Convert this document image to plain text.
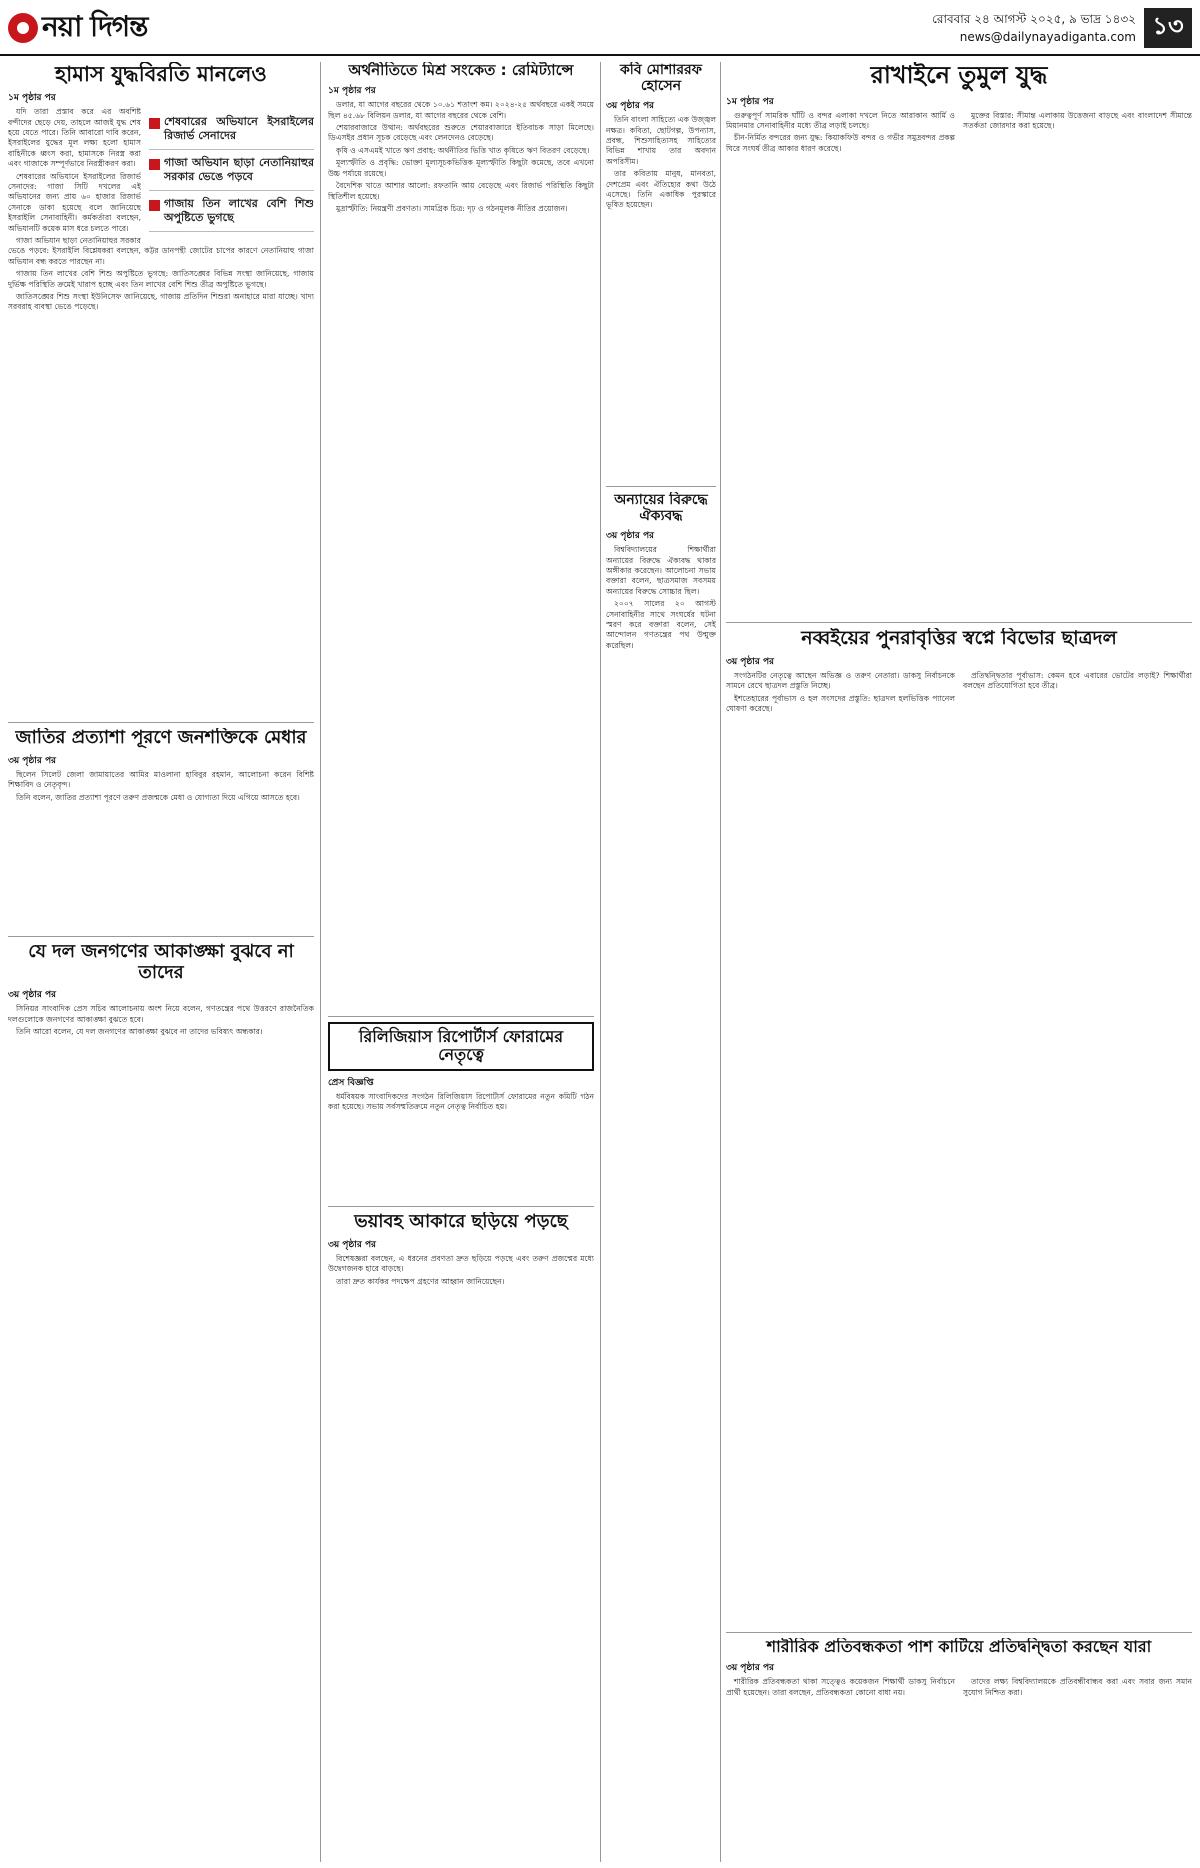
নয়া দিগন্ত	রোববার ২৪ আগস্ট ২০২৫, ৯ ভাদ্র ১৪৩২
news@dailynayadiganta.com ১৩
হামাস যুদ্ধবিরতি মানলেও
১ম পৃষ্ঠার পর
শেষবারের অভিযানে ইসরাইলের রিজার্ভ সেনাদের
গাজা অভিযান ছাড়া নেতানিয়াহুর সরকার ভেঙে পড়বে
গাজায় তিন লাখের বেশি শিশু অপুষ্টিতে ভুগছে

যদি তারা প্রস্তাব করে এর অবশিষ্ট বন্দীদের ছেড়ে দেয়, তাহলে আজই যুদ্ধ শেষ হয়ে যেতে পারে। তিনি আবারো দাবি করেন, ইসরাইলের যুদ্ধের মূল লক্ষ্য হলো হামাস বাহিনীকে ধ্বংস করা, হামাসকে নিরস্ত্র করা এবং গাজাকে সম্পূর্ণভাবে নিরস্ত্রীকরণ করা।

শেষবারের অভিযানে ইসরাইলের রিজার্ভ সেনাদের: গাজা সিটি দখলের এই অভিযানের জন্য প্রায় ৬০ হাজার রিজার্ভ সেনাকে ডাকা হয়েছে বলে জানিয়েছে ইসরাইলি সেনাবাহিনী। কর্মকর্তারা বলছেন, অভিযানটি কয়েক মাস ধরে চলতে পারে।

গাজা অভিযান ছাড়া নেতানিয়াহুর সরকার ভেঙে পড়বে: ইসরাইলি বিশ্লেষকরা বলছেন, কট্টর ডানপন্থী জোটের চাপের কারণে নেতানিয়াহু গাজা অভিযান বন্ধ করতে পারছেন না।

গাজায় তিন লাখের বেশি শিশু অপুষ্টিতে ভুগছে: জাতিসঙ্ঘের বিভিন্ন সংস্থা জানিয়েছে, গাজায় দুর্ভিক্ষ পরিস্থিতি ক্রমেই খারাপ হচ্ছে এবং তিন লাখের বেশি শিশু তীব্র অপুষ্টিতে ভুগছে।

জাতিসঙ্ঘের শিশু সংস্থা ইউনিসেফ জানিয়েছে, গাজায় প্রতিদিন শিশুরা অনাহারে মারা যাচ্ছে। খাদ্য সরবরাহ ব্যবস্থা ভেঙে পড়েছে।

জাতির প্রত্যাশা পূরণে জনশক্তিকে মেধার
৩য় পৃষ্ঠার পর

ছিলেন সিলেট জেলা জামায়াতের আমির মাওলানা হাবিবুর রহমান, আলোচনা করেন বিশিষ্ট শিক্ষাবিদ ও নেতৃবৃন্দ।

তিনি বলেন, জাতির প্রত্যাশা পূরণে তরুণ প্রজন্মকে মেধা ও যোগ্যতা দিয়ে এগিয়ে আসতে হবে।

যে দল জনগণের আকাঙ্ক্ষা বুঝবে না তাদের
৩য় পৃষ্ঠার পর

সিনিয়র সাংবাদিক প্রেস সচিব আলোচনায় অংশ নিয়ে বলেন, গণতন্ত্রের পথে উত্তরণে রাজনৈতিক দলগুলোকে জনগণের আকাঙ্ক্ষা বুঝতে হবে।

তিনি আরো বলেন, যে দল জনগণের আকাঙ্ক্ষা বুঝবে না তাদের ভবিষ্যৎ অন্ধকার।

অর্থনীতিতে মিশ্র সংকেত : রেমিট্যান্সে
১ম পৃষ্ঠার পর

ডলার, যা আগের বছরের থেকে ১০.৬১ শতাংশ কম। ২০২৪-২৫ অর্থবছরে একই সময়ে ছিল ৪৫.৬৮ বিলিয়ন ডলার, যা আগের বছরের থেকে বেশি।

শেয়ারবাজারে উত্থান: অর্থবছরের শুরুতে শেয়ারবাজারে ইতিবাচক সাড়া মিলেছে। ডিএসইর প্রধান সূচক বেড়েছে এবং লেনদেনও বেড়েছে।

কৃষি ও এসএমই খাতে ঋণ প্রবাহ: অর্থনীতির ভিত্তি খাত কৃষিতে ঋণ বিতরণ বেড়েছে।

মূল্যস্ফীতি ও প্রবৃদ্ধি: ভোক্তা মূল্যসূচকভিত্তিক মূল্যস্ফীতি কিছুটা কমেছে, তবে এখনো উচ্চ পর্যায়ে রয়েছে।

বৈদেশিক খাতে আশার আলো: রফতানি আয় বেড়েছে এবং রিজার্ভ পরিস্থিতি কিছুটা স্থিতিশীল হয়েছে।

মুদ্রাস্ফীতি: নিয়ন্ত্রণী প্রবণতা। সামগ্রিক চিত্র: দৃঢ় ও গঠনমূলক নীতির প্রয়োজন।

রিলিজিয়াস রিপোর্টার্স ফোরামের নেতৃত্বে
প্রেস বিজ্ঞপ্তি

ধর্মবিষয়ক সাংবাদিকদের সংগঠন রিলিজিয়াস রিপোর্টার্স ফোরামের নতুন কমিটি গঠন করা হয়েছে। সভায় সর্বসম্মতিক্রমে নতুন নেতৃত্ব নির্বাচিত হয়।

ভয়াবহ আকারে ছড়িয়ে পড়ছে
৩য় পৃষ্ঠার পর

বিশেষজ্ঞরা বলছেন, এ ধরনের প্রবণতা দ্রুত ছড়িয়ে পড়ছে এবং তরুণ প্রজন্মের মধ্যে উদ্বেগজনক হারে বাড়ছে।

তারা দ্রুত কার্যকর পদক্ষেপ গ্রহণের আহ্বান জানিয়েছেন।

কবি মোশাররফ হোসেন
৩য় পৃষ্ঠার পর

তিনি বাংলা সাহিত্যে এক উজ্জ্বল নক্ষত্র। কবিতা, ছোটগল্প, উপন্যাস, প্রবন্ধ, শিশুসাহিত্যসহ সাহিত্যের বিভিন্ন শাখায় তার অবদান অপরিসীম।

তার কবিতায় মানুষ, মানবতা, দেশপ্রেম এবং ঐতিহ্যের কথা উঠে এসেছে। তিনি একাধিক পুরস্কারে ভূষিত হয়েছেন।

অন্যায়ের বিরুদ্ধে ঐক্যবদ্ধ
৩য় পৃষ্ঠার পর

বিশ্ববিদ্যালয়ের শিক্ষার্থীরা অন্যায়ের বিরুদ্ধে ঐক্যবদ্ধ থাকার অঙ্গীকার করেছেন। আলোচনা সভায় বক্তারা বলেন, ছাত্রসমাজ সবসময় অন্যায়ের বিরুদ্ধে সোচ্চার ছিল।

২০০৭ সালের ২০ আগস্ট সেনাবাহিনীর সাথে সংঘর্ষের ঘটনা স্মরণ করে বক্তারা বলেন, সেই আন্দোলন গণতন্ত্রের পথ উন্মুক্ত করেছিল।

রাখাইনে তুমুল যুদ্ধ
১ম পৃষ্ঠার পর

গুরুত্বপূর্ণ সামরিক ঘাঁটি ও বন্দর এলাকা দখলে নিতে আরাকান আর্মি ও মিয়ানমার সেনাবাহিনীর মধ্যে তীব্র লড়াই চলছে।

চীন-নির্মিত বন্দরের জন্য যুদ্ধ: কিয়াকফিউ বন্দর ও গভীর সমুদ্রবন্দর প্রকল্প ঘিরে সংঘর্ষ তীব্র আকার ধারণ করেছে।

মুক্তের বিস্তার: সীমান্ত এলাকায় উত্তেজনা বাড়ছে এবং বাংলাদেশ সীমান্তে সতর্কতা জোরদার করা হয়েছে।

নব্বইয়ের পুনরাবৃত্তির স্বপ্নে বিভোর ছাত্রদল
৩য় পৃষ্ঠার পর

সংগঠনটির নেতৃত্বে আছেন অভিজ্ঞ ও তরুণ নেতারা। ডাকসু নির্বাচনকে সামনে রেখে ছাত্রদল প্রস্তুতি নিচ্ছে।

ইশতেহারের পূর্বাভাস ও হল সংসদের প্রস্তুতি: ছাত্রদল হলভিত্তিক প্যানেল ঘোষণা করেছে।

প্রতিদ্বন্দ্বিতার পূর্বাভাস: কেমন হবে এবারের ভোটের লড়াই? শিক্ষার্থীরা বলছেন প্রতিযোগিতা হবে তীব্র।

শারীরিক প্রতিবন্ধকতা পাশ কাটিয়ে প্রতিদ্বন্দ্বিতা করছেন যারা
৩য় পৃষ্ঠার পর

শারীরিক প্রতিবন্ধকতা থাকা সত্ত্বেও কয়েকজন শিক্ষার্থী ডাকসু নির্বাচনে প্রার্থী হয়েছেন। তারা বলছেন, প্রতিবন্ধকতা কোনো বাধা নয়।

তাদের লক্ষ্য বিশ্ববিদ্যালয়কে প্রতিবন্ধীবান্ধব করা এবং সবার জন্য সমান সুযোগ নিশ্চিত করা।
